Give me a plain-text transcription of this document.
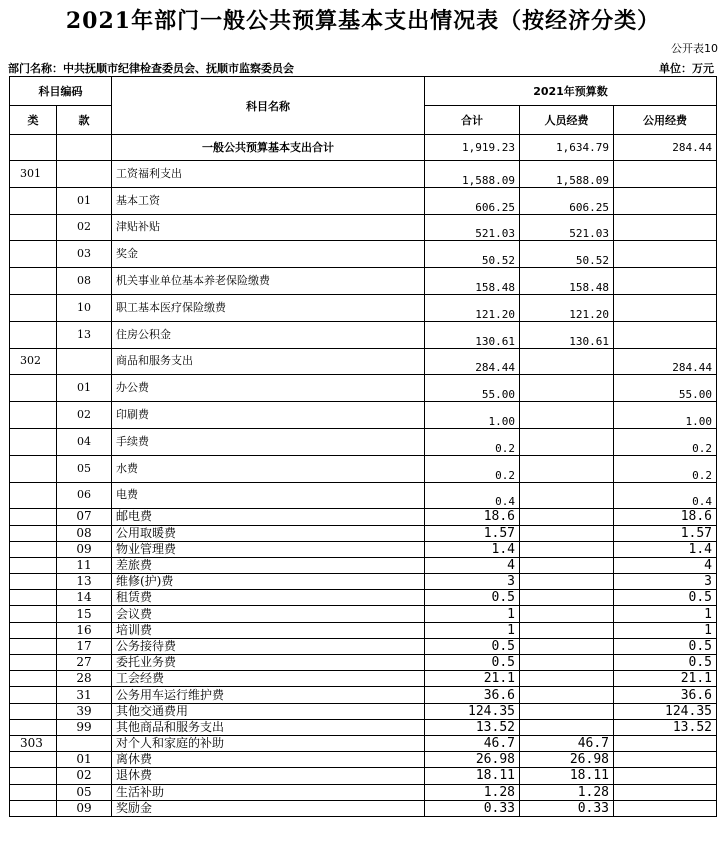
2021年部门一般公共预算基本支出情况表（按经济分类）
公开表10
部门名称：中共抚顺市纪律检查委员会、抚顺市监察委员会	单位：万元
科目编码		科目名称	2021年预算数		
类	款		合计	人员经费	公用经费
		一般公共预算基本支出合计	1,919.23	1,634.79	284.44
301		工资福利支出	1,588.09	1,588.09	
	01	基本工资	606.25	606.25	
	02	津贴补贴	521.03	521.03	
	03	奖金	50.52	50.52	
	08	机关事业单位基本养老保险缴费	158.48	158.48	
	10	职工基本医疗保险缴费	121.20	121.20	
	13	住房公积金	130.61	130.61	
302		商品和服务支出	284.44		284.44
	01	办公费	55.00		55.00
	02	印刷费	1.00		1.00
	04	手续费	0.2		0.2
	05	水费	0.2		0.2
	06	电费	0.4		0.4
	07	邮电费	18.6		18.6
	08	公用取暖费	1.57		1.57
	09	物业管理费	1.4		1.4
	11	差旅费	4		4
	13	维修(护)费	3		3
	14	租赁费	0.5		0.5
	15	会议费	1		1
	16	培训费	1		1
	17	公务接待费	0.5		0.5
	27	委托业务费	0.5		0.5
	28	工会经费	21.1		21.1
	31	公务用车运行维护费	36.6		36.6
	39	其他交通费用	124.35		124.35
	99	其他商品和服务支出	13.52		13.52
303		对个人和家庭的补助	46.7	46.7	
	01	离休费	26.98	26.98	
	02	退休费	18.11	18.11	
	05	生活补助	1.28	1.28	
	09	奖励金	0.33	0.33	
